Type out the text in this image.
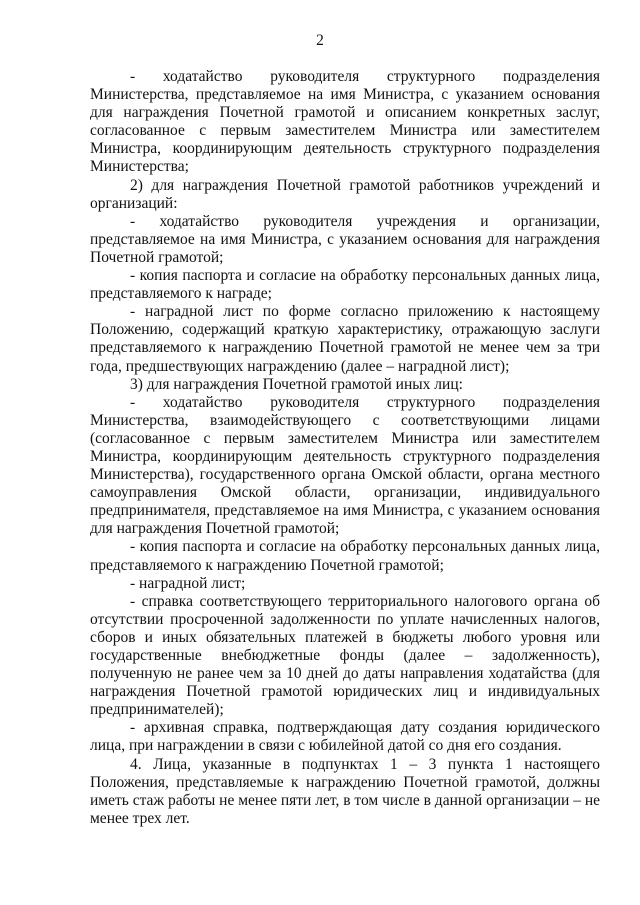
2

- ходатайство руководителя структурного подразделения Министерства, представляемое на имя Министра, с указанием основания для награждения Почетной грамотой и описанием конкретных заслуг, согласованное с первым заместителем Министра или заместителем Министра, координирующим деятельность структурного подразделения Министерства;

2) для награждения Почетной грамотой работников учреждений и организаций:

- ходатайство руководителя учреждения и организации, представляемое на имя Министра, с указанием основания для награждения Почетной грамотой;

- копия паспорта и согласие на обработку персональных данных лица, представляемого к награде;

- наградной лист по форме согласно приложению к настоящему Положению, содержащий краткую характеристику, отражающую заслуги представляемого к награждению Почетной грамотой не менее чем за три года, предшествующих награждению (далее – наградной лист);

3) для награждения Почетной грамотой иных лиц:

- ходатайство руководителя структурного подразделения Министерства, взаимодействующего с соответствующими лицами (согласованное с первым заместителем Министра или заместителем Министра, координирующим деятельность структурного подразделения Министерства), государственного органа Омской области, органа местного самоуправления Омской области, организации, индивидуального предпринимателя, представляемое на имя Министра, с указанием основания для награждения Почетной грамотой;

- копия паспорта и согласие на обработку персональных данных лица, представляемого к награждению Почетной грамотой;

- наградной лист;

- справка соответствующего территориального налогового органа об отсутствии просроченной задолженности по уплате начисленных налогов, сборов и иных обязательных платежей в бюджеты любого уровня или государственные внебюджетные фонды (далее – задолженность), полученную не ранее чем за 10 дней до даты направления ходатайства (для награждения Почетной грамотой юридических лиц и индивидуальных предпринимателей);

- архивная справка, подтверждающая дату создания юридического лица, при награждении в связи с юбилейной датой со дня его создания.

4. Лица, указанные в подпунктах 1 – 3 пункта 1 настоящего Положения, представляемые к награждению Почетной грамотой, должны иметь стаж работы не менее пяти лет, в том числе в данной организации – не менее трех лет.
